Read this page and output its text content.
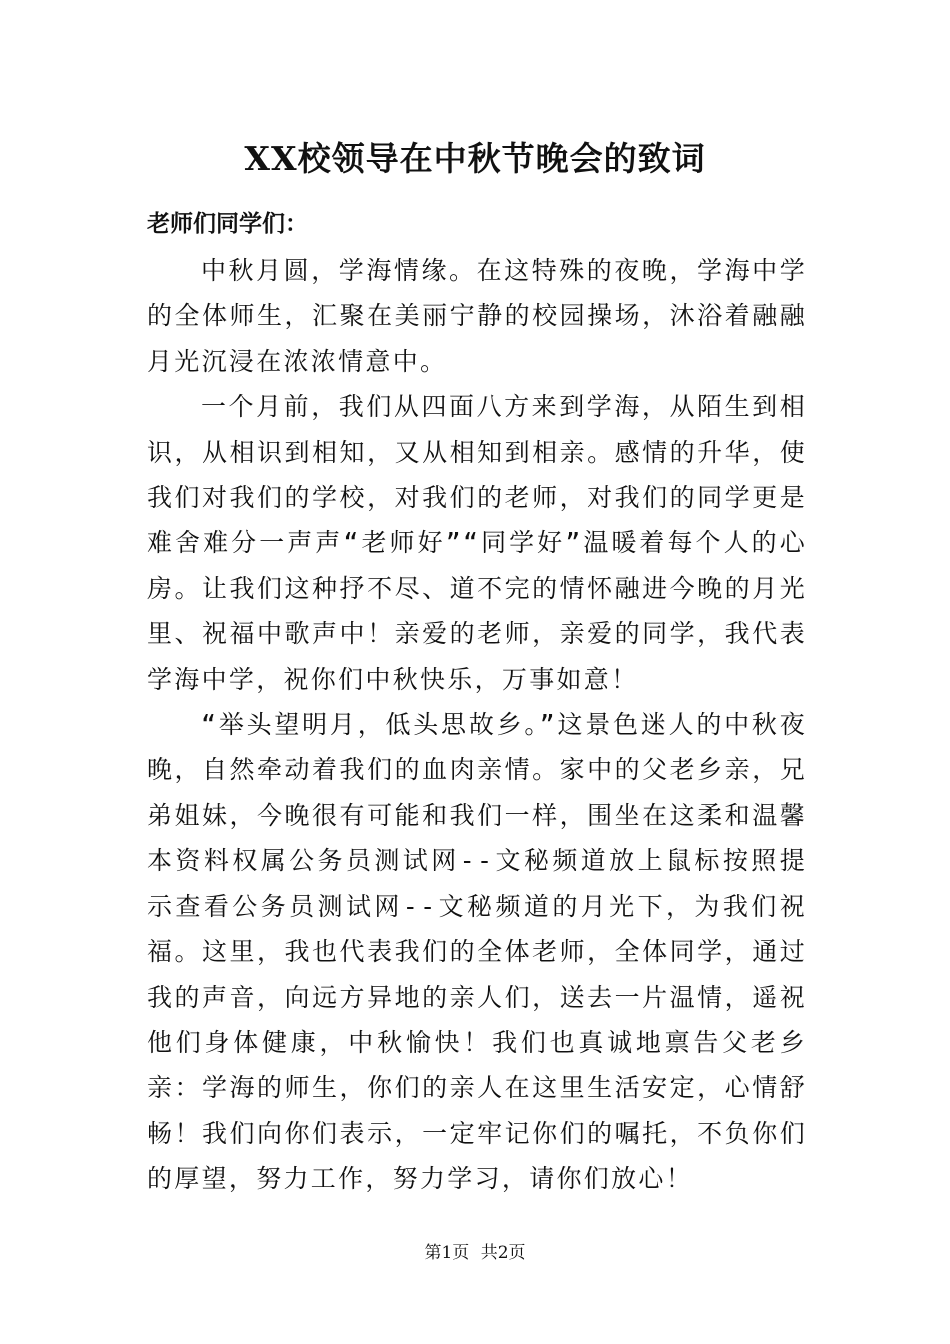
XX校领导在中秋节晚会的致词
老师们同学们：

中秋月圆，学海情缘。在这特殊的夜晚，学海中学的全体师生，汇聚在美丽宁静的校园操场，沐浴着融融月光沉浸在浓浓情意中。

一个月前，我们从四面八方来到学海，从陌生到相识，从相识到相知，又从相知到相亲。感情的升华，使我们对我们的学校，对我们的老师，对我们的同学更是难舍难分一声声“老师好”“同学好”温暖着每个人的心房。让我们这种抒不尽、道不完的情怀融进今晚的月光里、祝福中歌声中！亲爱的老师，亲爱的同学，我代表学海中学，祝你们中秋快乐，万事如意！

“举头望明月，低头思故乡。”这景色迷人的中秋夜晚，自然牵动着我们的血肉亲情。家中的父老乡亲，兄弟姐妹，今晚很有可能和我们一样，围坐在这柔和温馨本资料权属公务员测试网--文秘频道放上鼠标按照提示查看公务员测试网--文秘频道的月光下，为我们祝福。这里，我也代表我们的全体老师，全体同学，通过我的声音，向远方异地的亲人们，送去一片温情，遥祝他们身体健康，中秋愉快！我们也真诚地禀告父老乡亲：学海的师生，你们的亲人在这里生活安定，心情舒畅！我们向你们表示，一定牢记你们的嘱托，不负你们的厚望，努力工作，努力学习，请你们放心！

第1页 共2页
